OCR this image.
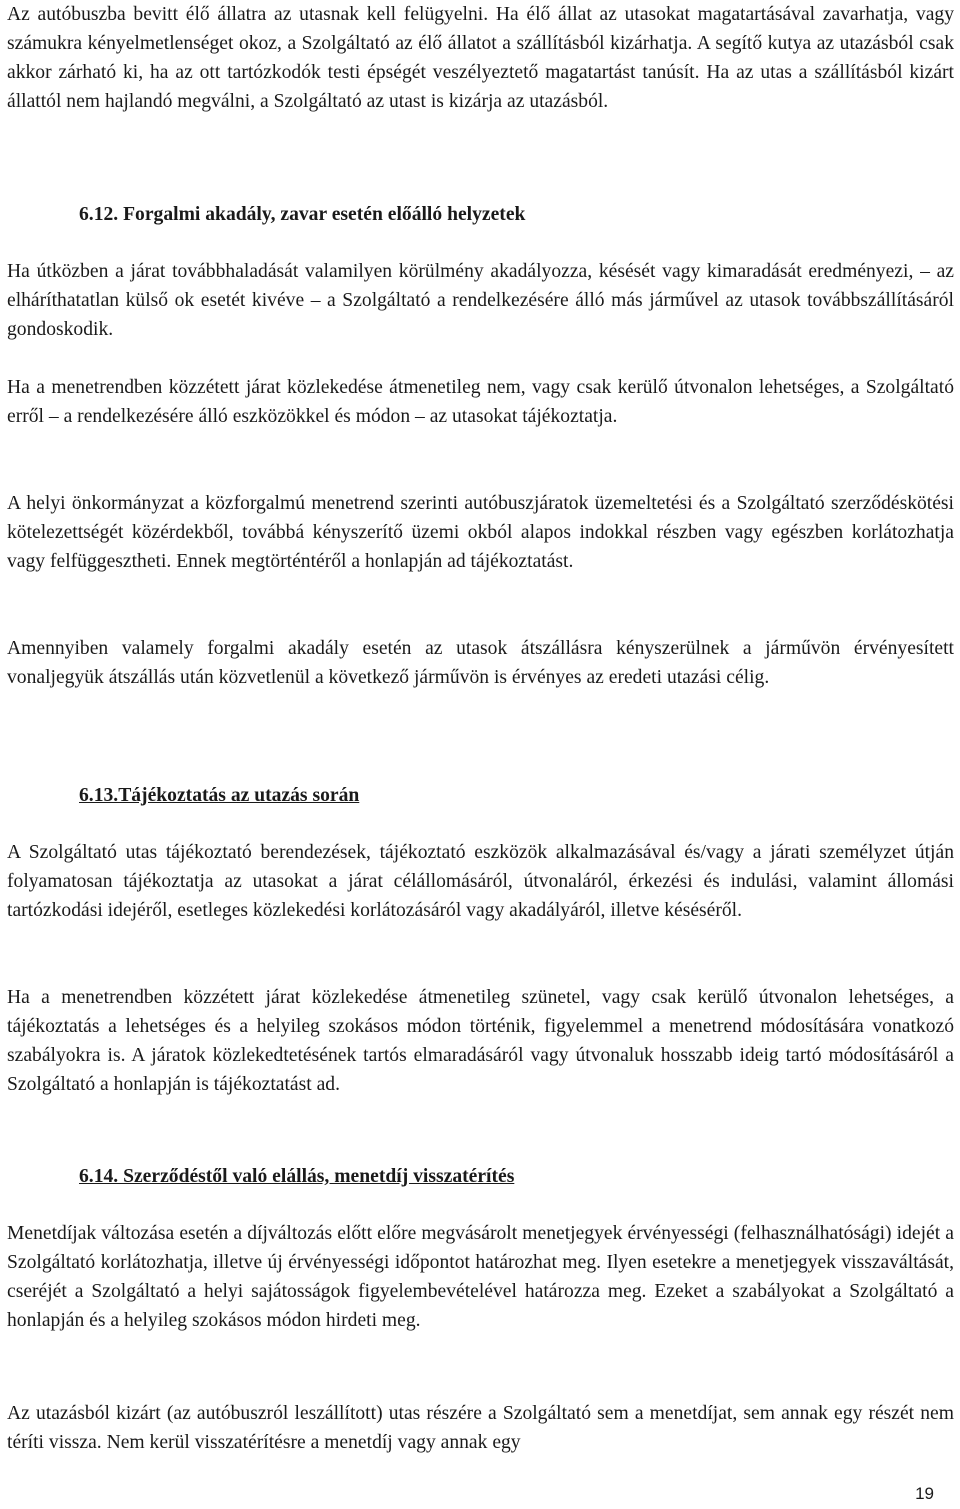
Az autóbuszba bevitt élő állatra az utasnak kell felügyelni. Ha élő állat az utasokat magatartásával zavarhatja, vagy számukra kényelmetlenséget okoz, a Szolgáltató az élő állatot a szállításból kizárhatja. A segítő kutya az utazásból csak akkor zárható ki, ha az ott tartózkodók testi épségét veszélyeztető magatartást tanúsít. Ha az utas a szállításból kizárt állattól nem hajlandó megválni, a Szolgáltató az utast is kizárja az utazásból.

6.12. Forgalmi akadály, zavar esetén előálló helyzetek

Ha útközben a járat továbbhaladását valamilyen körülmény akadályozza, késését vagy kimaradását eredményezi, – az elháríthatatlan külső ok esetét kivéve – a Szolgáltató a rendelkezésére álló más járművel az utasok továbbszállításáról gondoskodik.

Ha a menetrendben közzétett járat közlekedése átmenetileg nem, vagy csak kerülő útvonalon lehetséges, a Szolgáltató erről – a rendelkezésére álló eszközökkel és módon – az utasokat tájékoztatja.

A helyi önkormányzat a közforgalmú menetrend szerinti autóbuszjáratok üzemeltetési és a Szolgáltató szerződéskötési kötelezettségét közérdekből, továbbá kényszerítő üzemi okból alapos indokkal részben vagy egészben korlátozhatja vagy felfüggesztheti. Ennek megtörténtéről a honlapján ad tájékoztatást.

Amennyiben valamely forgalmi akadály esetén az utasok átszállásra kényszerülnek a járművön érvényesített vonaljegyük átszállás után közvetlenül a következő járművön is érvényes az eredeti utazási célig.

6.13.Tájékoztatás az utazás során

A Szolgáltató utas tájékoztató berendezések, tájékoztató eszközök alkalmazásával és/vagy a járati személyzet útján folyamatosan tájékoztatja az utasokat a járat célállomásáról, útvonaláról, érkezési és indulási, valamint állomási tartózkodási idejéről, esetleges közlekedési korlátozásáról vagy akadályáról, illetve késéséről.

Ha a menetrendben közzétett járat közlekedése átmenetileg szünetel, vagy csak kerülő útvonalon lehetséges, a tájékoztatás a lehetséges és a helyileg szokásos módon történik, figyelemmel a menetrend módosítására vonatkozó szabályokra is. A járatok közlekedtetésének tartós elmaradásáról vagy útvonaluk hosszabb ideig tartó módosításáról a Szolgáltató a honlapján is tájékoztatást ad.

6.14. Szerződéstől való elállás, menetdíj visszatérítés

Menetdíjak változása esetén a díjváltozás előtt előre megvásárolt menetjegyek érvényességi (felhasználhatósági) idejét a Szolgáltató korlátozhatja, illetve új érvényességi időpontot határozhat meg. Ilyen esetekre a menetjegyek visszaváltását, cseréjét a Szolgáltató a helyi sajátosságok figyelembevételével határozza meg. Ezeket a szabályokat a Szolgáltató a honlapján és a helyileg szokásos módon hirdeti meg.

Az utazásból kizárt (az autóbuszról leszállított) utas részére a Szolgáltató sem a menetdíjat, sem annak egy részét nem téríti vissza. Nem kerül visszatérítésre a menetdíj vagy annak egy

19
